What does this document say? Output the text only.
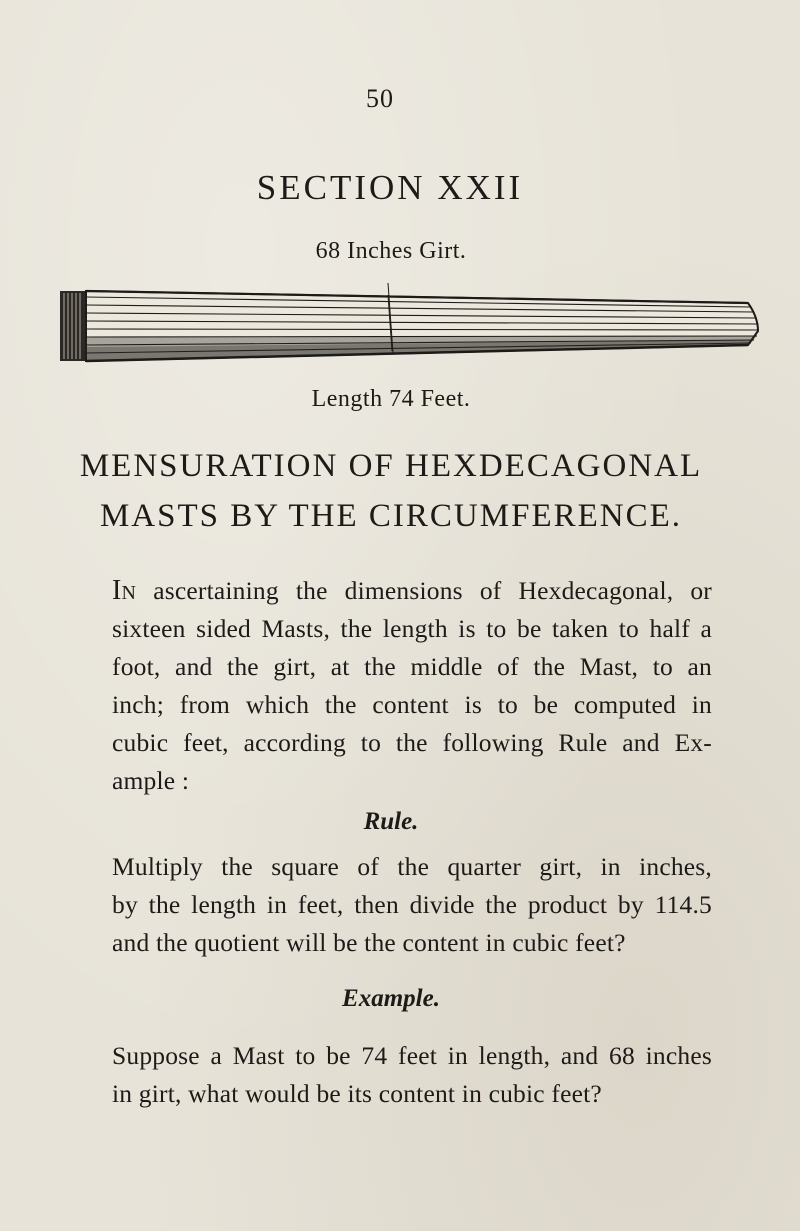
50
SECTION XXII
68 Inches Girt.
Length 74 Feet.
MENSURATION OF HEXDECAGONAL
MASTS BY THE CIRCUMFERENCE.
In ascertaining the dimensions of Hexdecagonal, or
sixteen sided Masts, the length is to be taken to half a
foot, and the girt, at the middle of the Mast, to an
inch; from which the content is to be computed in
cubic feet, according to the following Rule and Ex-
ample :
Rule.
Multiply the square of the quarter girt, in inches,
by the length in feet, then divide the product by 114.5
and the quotient will be the content in cubic feet?
Example.
Suppose a Mast to be 74 feet in length, and 68 inches
in girt, what would be its content in cubic feet?
